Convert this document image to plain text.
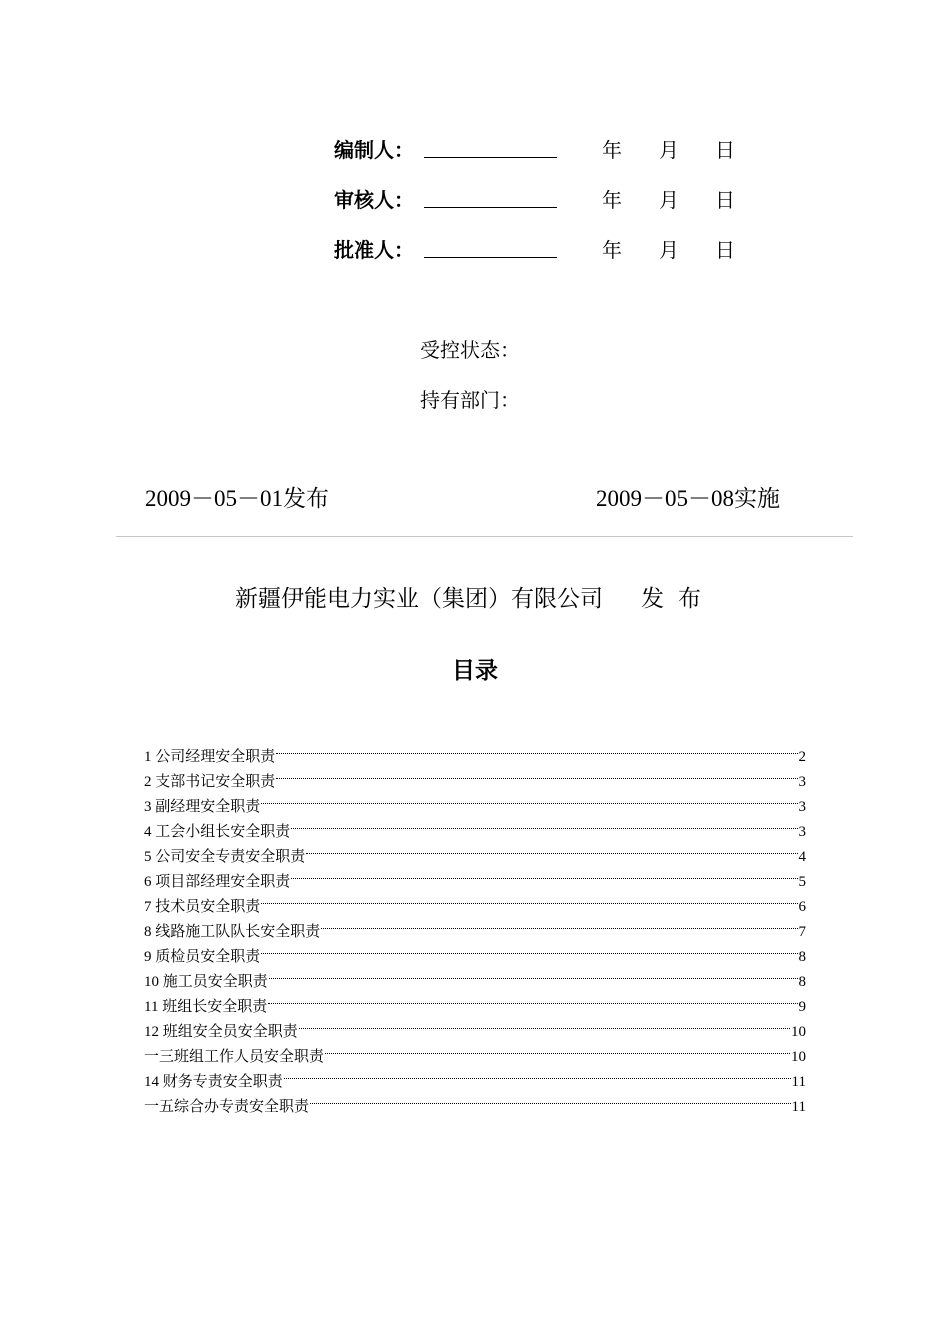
编制人：	年 月 日
审核人：	年 月 日
批准人：	年 月 日
受控状态：
持有部门：
2009－05－01发布	2009－05－08实施
新疆伊能电力实业（集团）有限公司 发布
目录
1 公司经理安全职责	2
2 支部书记安全职责	3
3 副经理安全职责	3
4 工会小组长安全职责	3
5 公司安全专责安全职责	4
6 项目部经理安全职责	5
7 技术员安全职责	6
8 线路施工队队长安全职责	7
9 质检员安全职责	8
10 施工员安全职责	8
11 班组长安全职责	9
12 班组安全员安全职责	10
一三班组工作人员安全职责	10
14 财务专责安全职责	11
一五综合办专责安全职责	11
